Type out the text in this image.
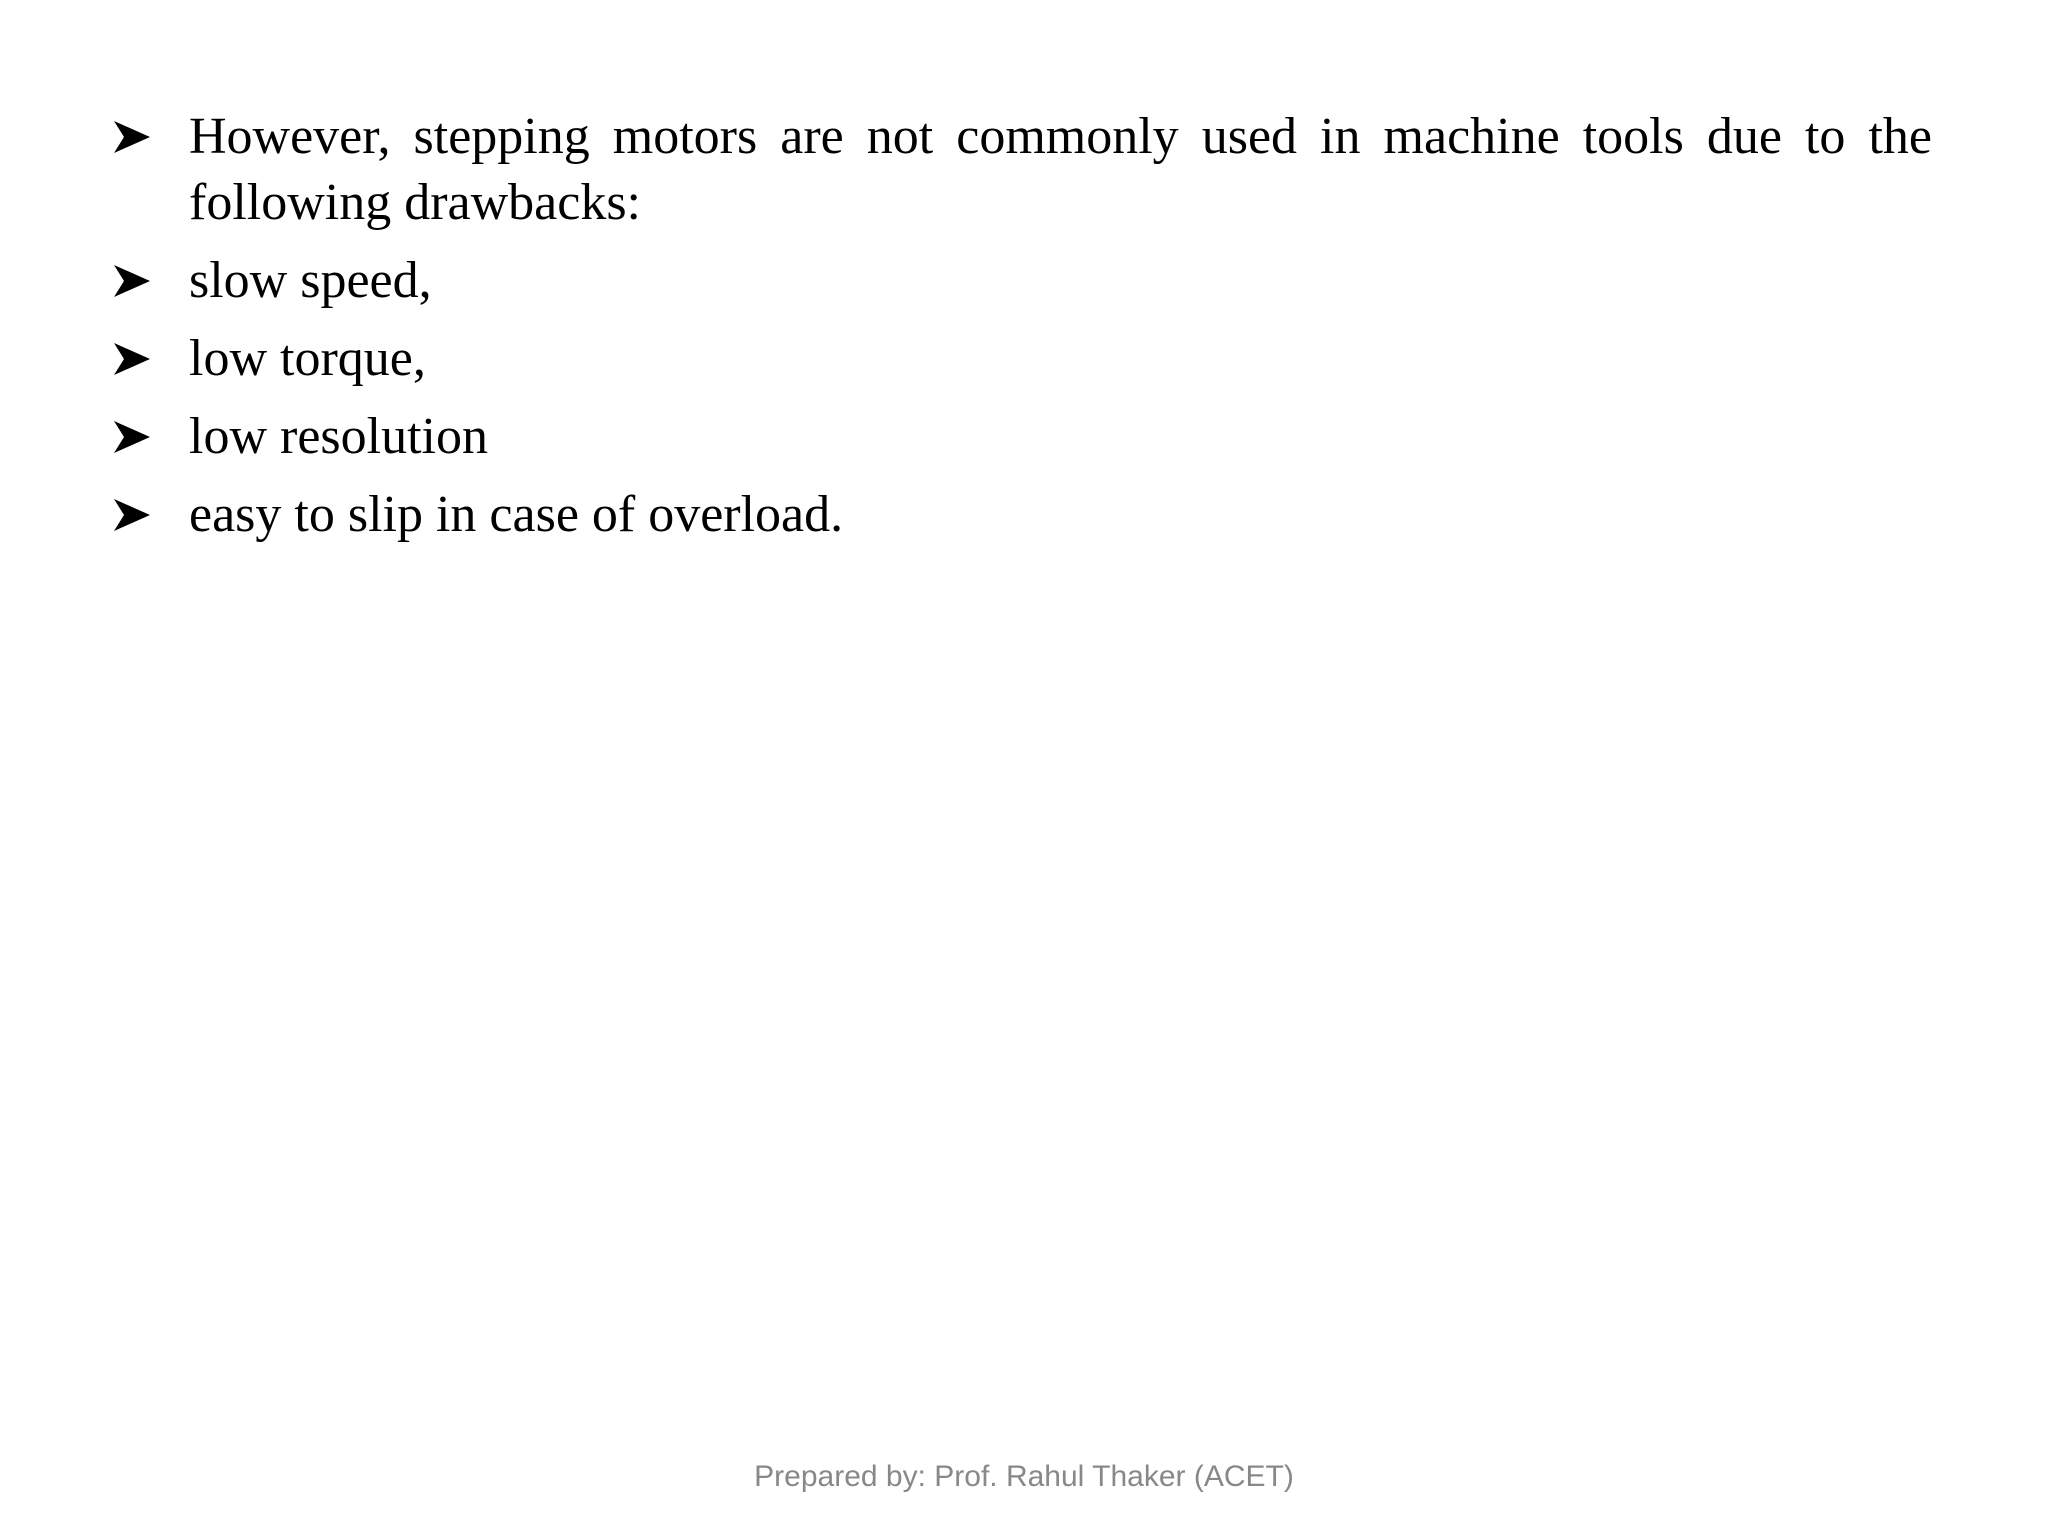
However, stepping motors are not commonly used in machine tools due to the following drawbacks:
slow speed,
low torque,
low resolution
easy to slip in case of overload.
Prepared by: Prof. Rahul Thaker (ACET)
